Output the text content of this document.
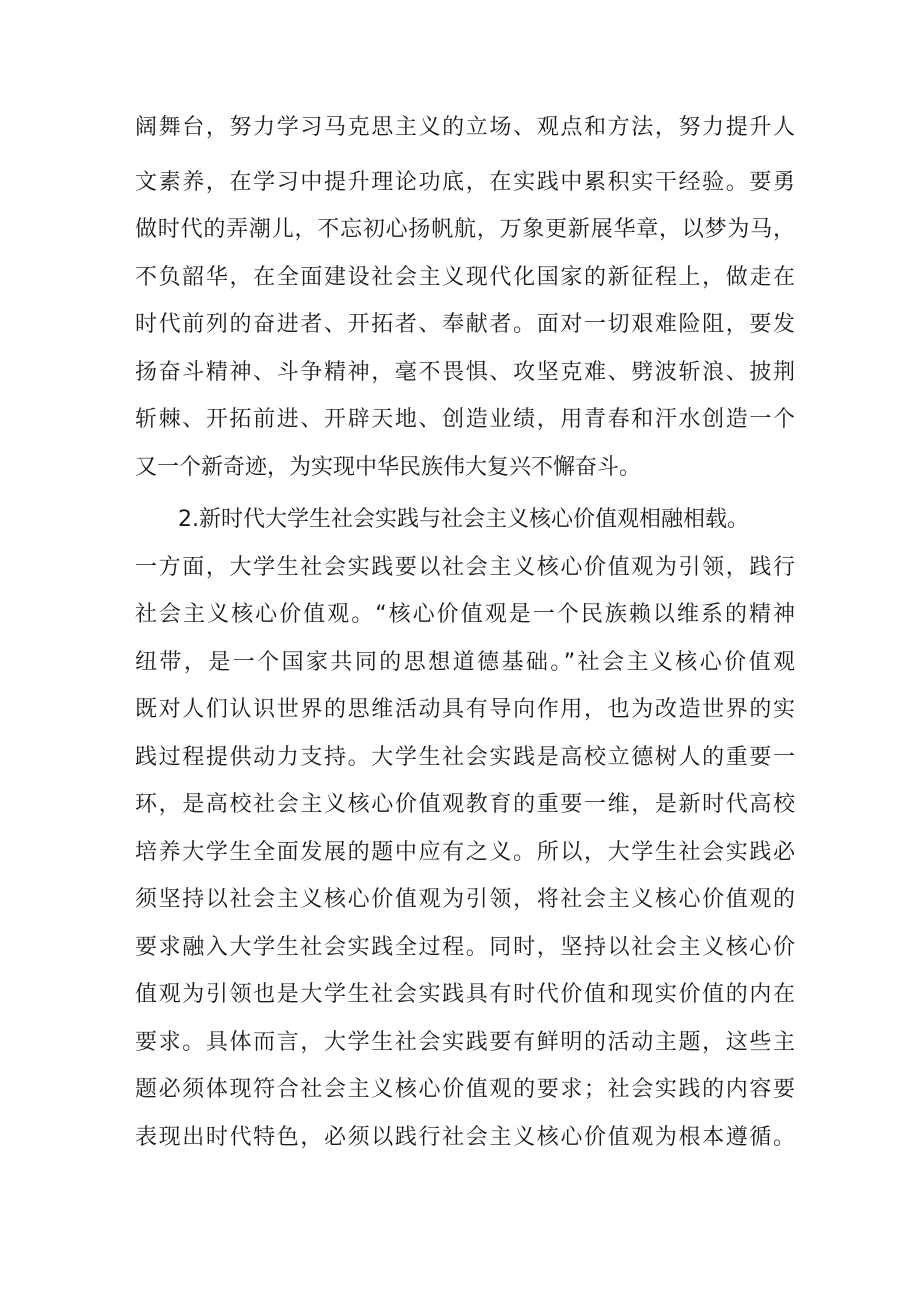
阔舞台，努力学习马克思主义的立场、观点和方法，努力提升人
文素养，在学习中提升理论功底，在实践中累积实干经验。要勇
做时代的弄潮儿，不忘初心扬帆航，万象更新展华章，以梦为马，
不负韶华，在全面建设社会主义现代化国家的新征程上，做走在
时代前列的奋进者、开拓者、奉献者。面对一切艰难险阻，要发
扬奋斗精神、斗争精神，毫不畏惧、攻坚克难、劈波斩浪、披荆
斩棘、开拓前进、开辟天地、创造业绩，用青春和汗水创造一个
又一个新奇迹，为实现中华民族伟大复兴不懈奋斗。
2.新时代大学生社会实践与社会主义核心价值观相融相载。
一方面，大学生社会实践要以社会主义核心价值观为引领，践行
社会主义核心价值观。“核心价值观是一个民族赖以维系的精神
纽带，是一个国家共同的思想道德基础。”社会主义核心价值观
既对人们认识世界的思维活动具有导向作用，也为改造世界的实
践过程提供动力支持。大学生社会实践是高校立德树人的重要一
环，是高校社会主义核心价值观教育的重要一维，是新时代高校
培养大学生全面发展的题中应有之义。所以，大学生社会实践必
须坚持以社会主义核心价值观为引领，将社会主义核心价值观的
要求融入大学生社会实践全过程。同时，坚持以社会主义核心价
值观为引领也是大学生社会实践具有时代价值和现实价值的内在
要求。具体而言，大学生社会实践要有鲜明的活动主题，这些主
题必须体现符合社会主义核心价值观的要求；社会实践的内容要
表现出时代特色，必须以践行社会主义核心价值观为根本遵循。
